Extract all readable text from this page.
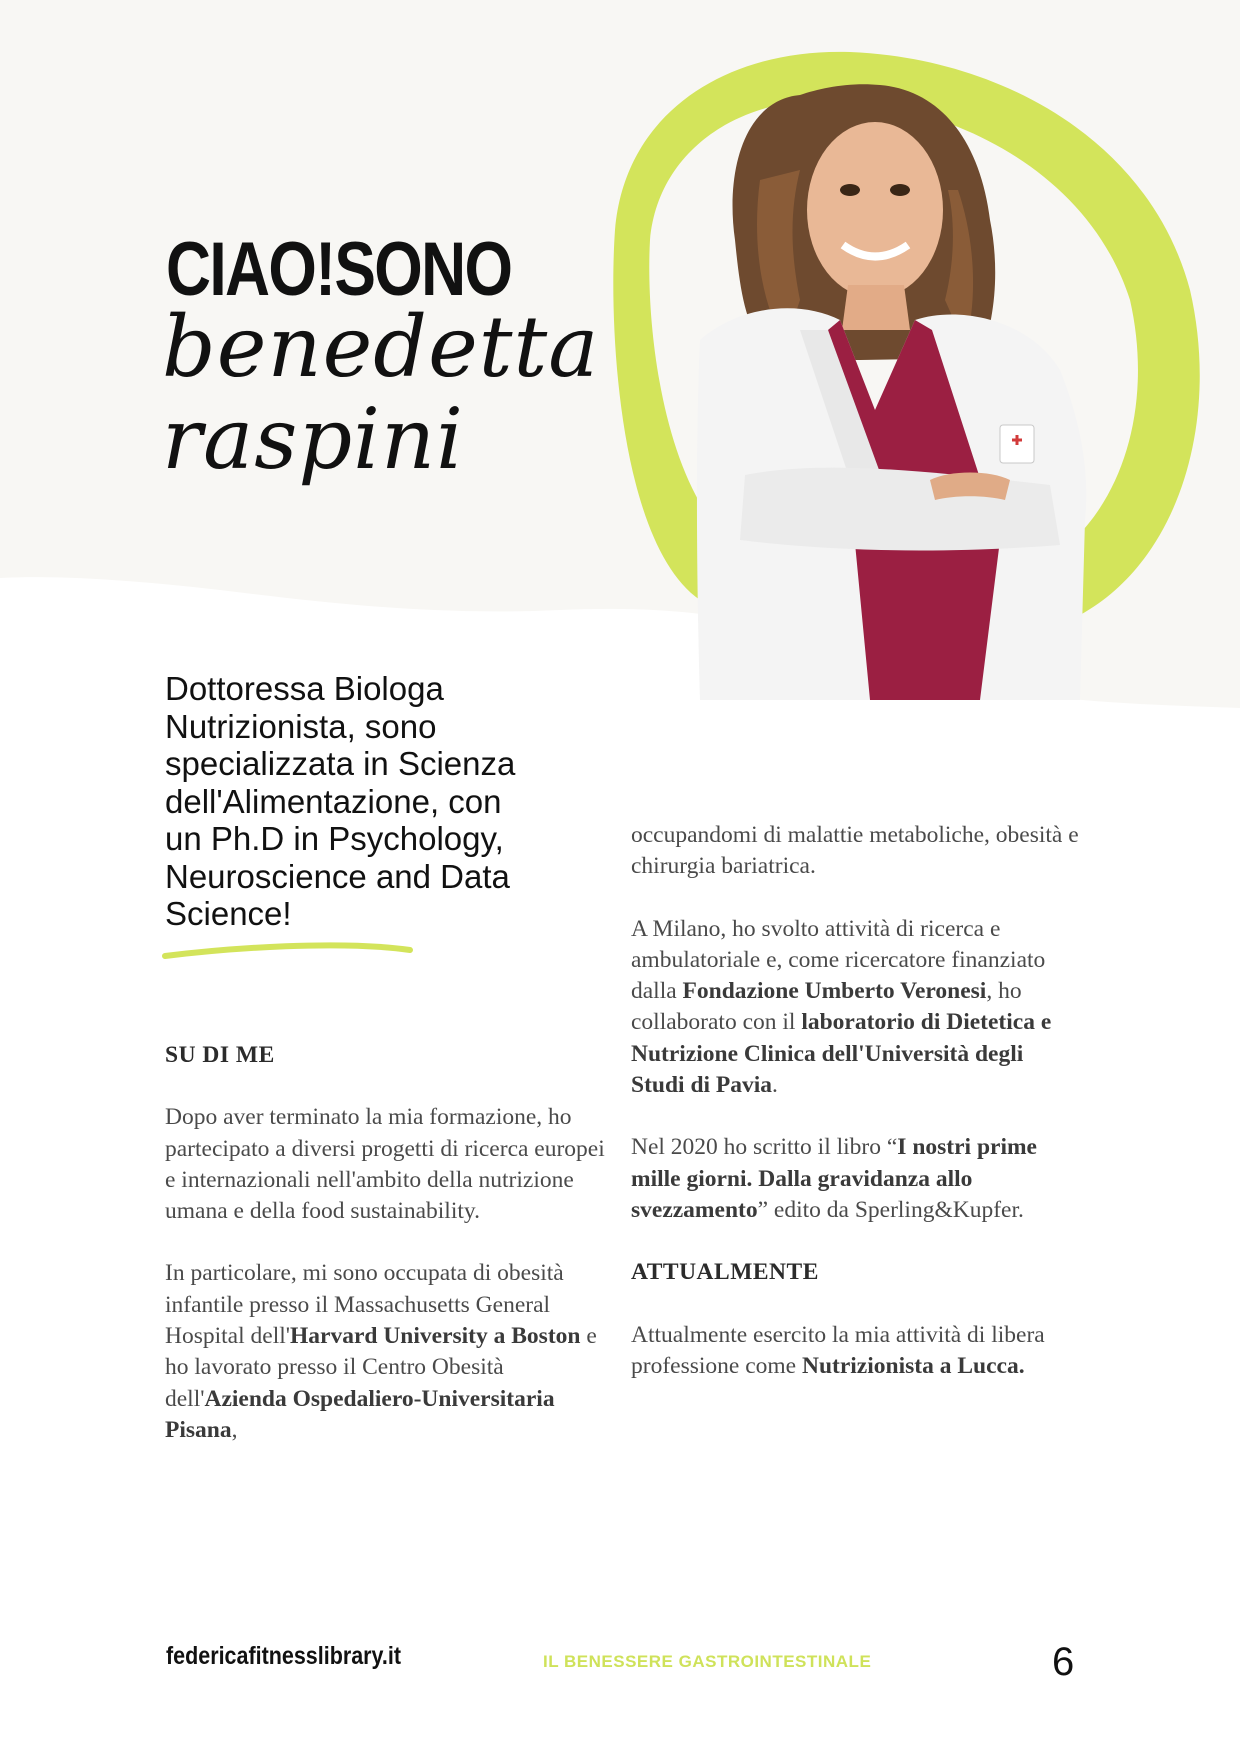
CIAO!SONO
benedetta
raspini
Dottoressa Biologa
Nutrizionista, sono
specializzata in Scienza
dell'Alimentazione, con
un Ph.D in Psychology,
Neuroscience and Data
Science!

SU DI ME

Dopo aver terminato la mia formazione, ho partecipato a diversi progetti di ricerca europei e internazionali nell'ambito della nutrizione umana e della food sustainability.

In particolare, mi sono occupata di obesità infantile presso il Massachusetts General Hospital dell'Harvard University a Boston e ho lavorato presso il Centro Obesità dell'Azienda Ospedaliero-Universitaria Pisana,

occupandomi di malattie metaboliche, obesità e chirurgia bariatrica.

A Milano, ho svolto attività di ricerca e ambulatoriale e, come ricercatore finanziato dalla Fondazione Umberto Veronesi, ho collaborato con il laboratorio di Dietetica e Nutrizione Clinica dell'Università degli Studi di Pavia.

Nel 2020 ho scritto il libro “I nostri prime mille giorni. Dalla gravidanza allo svezzamento” edito da Sperling&Kupfer.

ATTUALMENTE

Attualmente esercito la mia attività di libera professione come Nutrizionista a Lucca.

federicafitnesslibrary.it	IL BENESSERE GASTROINTESTINALE	6
